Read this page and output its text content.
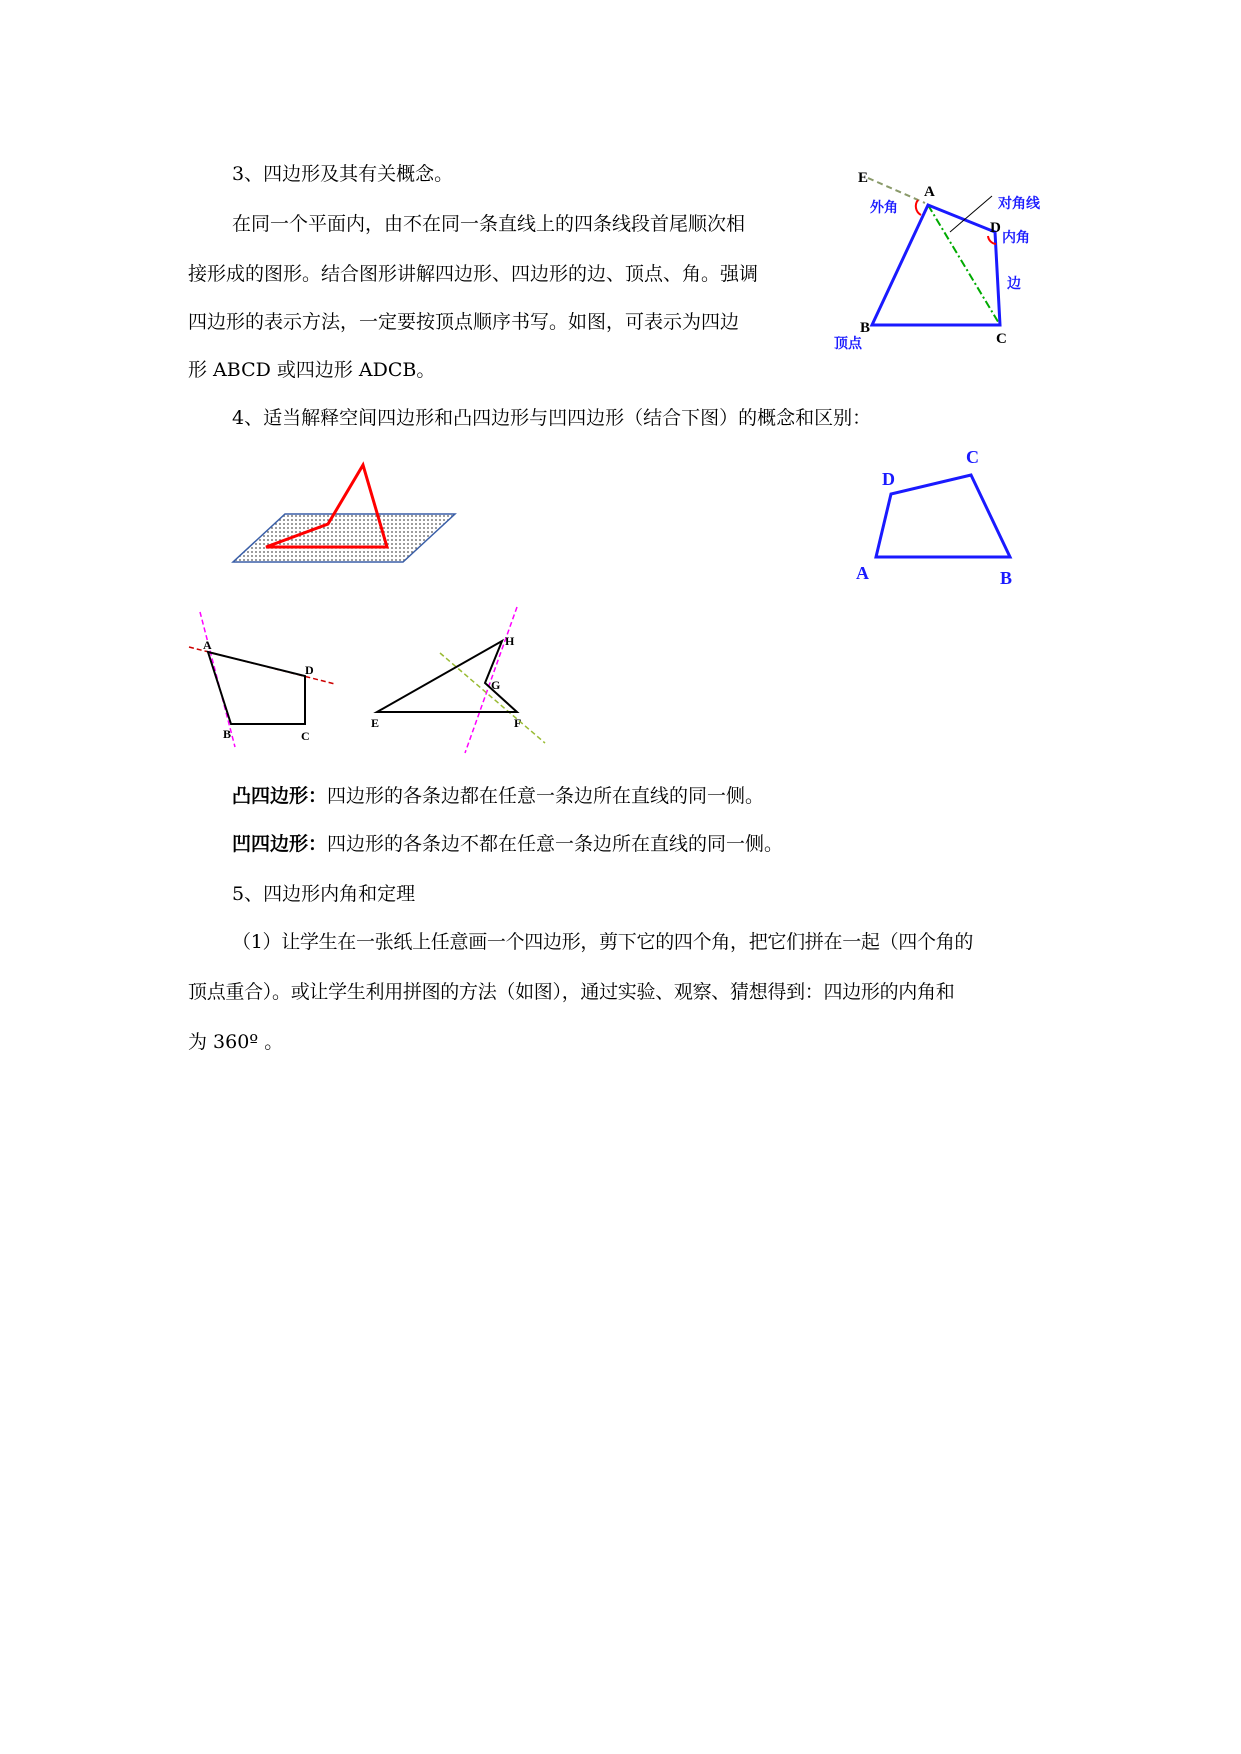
3、四边形及其有关概念。

在同一个平面内，由不在同一条直线上的四条线段首尾顺次相

接形成的图形。结合图形讲解四边形、四边形的边、顶点、角。强调

四边形的表示方法，一定要按顶点顺序书写。如图，可表示为四边

形 ABCD 或四边形 ADCB。

E
A
D
B
C
外角	对角线
内角
边
顶点

4、适当解释空间四边形和凸四边形与凹四边形（结合下图）的概念和区别：

A	B
C
D
A
D
B	C
H
G
E	F

凸四边形：四边形的各条边都在任意一条边所在直线的同一侧。

凹四边形：四边形的各条边不都在任意一条边所在直线的同一侧。

5、四边形内角和定理

（1）让学生在一张纸上任意画一个四边形，剪下它的四个角，把它们拼在一起（四个角的

顶点重合）。或让学生利用拼图的方法（如图），通过实验、观察、猜想得到：四边形的内角和

为 360º 。
